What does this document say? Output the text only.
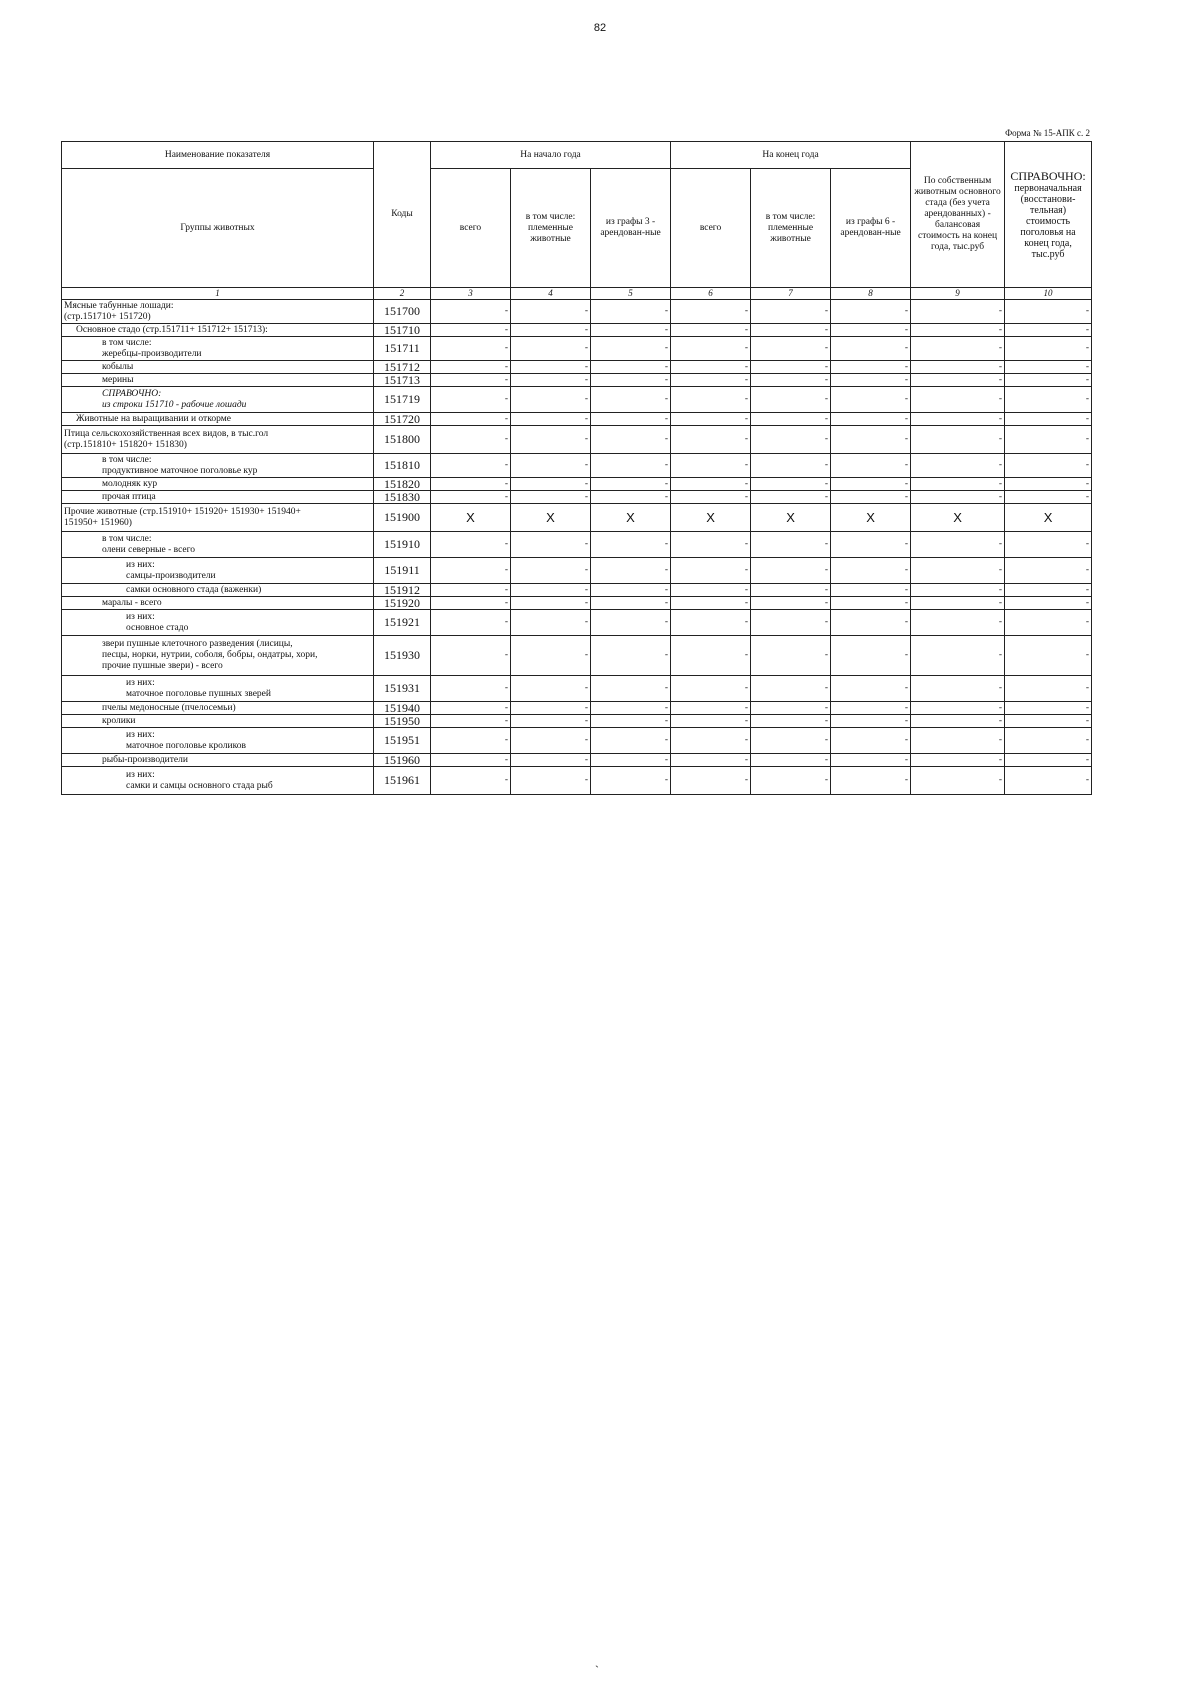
82
Форма № 15-АПК с. 2
Наименование показателя	Коды	На начало года			На конец года			По собственным животным основного стада (без учета арендованных) - балансовая стоимость на конец года, тыс.руб	СПРАВОЧНО:
первоначальная (восстанови-тельная) стоимость поголовья на конец года, тыс.руб

Группы животных		всего	в том числе: племенные животные	из графы 3 - арендован-ные	всего	в том числе: племенные животные	из графы 6 - арендован-ные		
1	2	3	4	5	6	7	8	9	10

Мясные табунные лошади:
(стр.151710+ 151720)	151700	-	-	-	-	-	-	-	-

Основное стадо (стр.151711+ 151712+ 151713):	151710	-	-	-	-	-	-	-	-

в том числе:
жеребцы-производители	151711	-	-	-	-	-	-	-	-

кобылы	151712	-	-	-	-	-	-	-	-

мерины	151713	-	-	-	-	-	-	-	-

СПРАВОЧНО:
из строки 151710 - рабочие лошади	151719	-	-	-	-	-	-	-	-

Животные на выращивании и откорме	151720	-	-	-	-	-	-	-	-

Птица сельскохозяйственная всех видов, в тыс.гол
(стр.151810+ 151820+ 151830)	151800	-	-	-	-	-	-	-	-

в том числе:
продуктивное маточное поголовье кур	151810	-	-	-	-	-	-	-	-

молодняк кур	151820	-	-	-	-	-	-	-	-

прочая птица	151830	-	-	-	-	-	-	-	-

Прочие животные (стр.151910+ 151920+ 151930+ 151940+
151950+ 151960)	151900	X	X	X	X	X	X	X	X

в том числе:
олени северные - всего	151910	-	-	-	-	-	-	-	-

из них:
самцы-производители	151911	-	-	-	-	-	-	-	-

самки основного стада (важенки)	151912	-	-	-	-	-	-	-	-

маралы - всего	151920	-	-	-	-	-	-	-	-

из них:
основное стадо	151921	-	-	-	-	-	-	-	-

звери пушные клеточного разведения (лисицы,
песцы, норки, нутрии, соболя, бобры, ондатры, хори,
прочие пушные звери) - всего	151930	-	-	-	-	-	-	-	-

из них:
маточное поголовье пушных зверей	151931	-	-	-	-	-	-	-	-

пчелы медоносные (пчелосемьи)	151940	-	-	-	-	-	-	-	-

кролики	151950	-	-	-	-	-	-	-	-

из них:
маточное поголовье кроликов	151951	-	-	-	-	-	-	-	-

рыбы-производители	151960	-	-	-	-	-	-	-	-

из них:
самки и самцы основного стада рыб	151961	-	-	-	-	-	-	-	-
`
